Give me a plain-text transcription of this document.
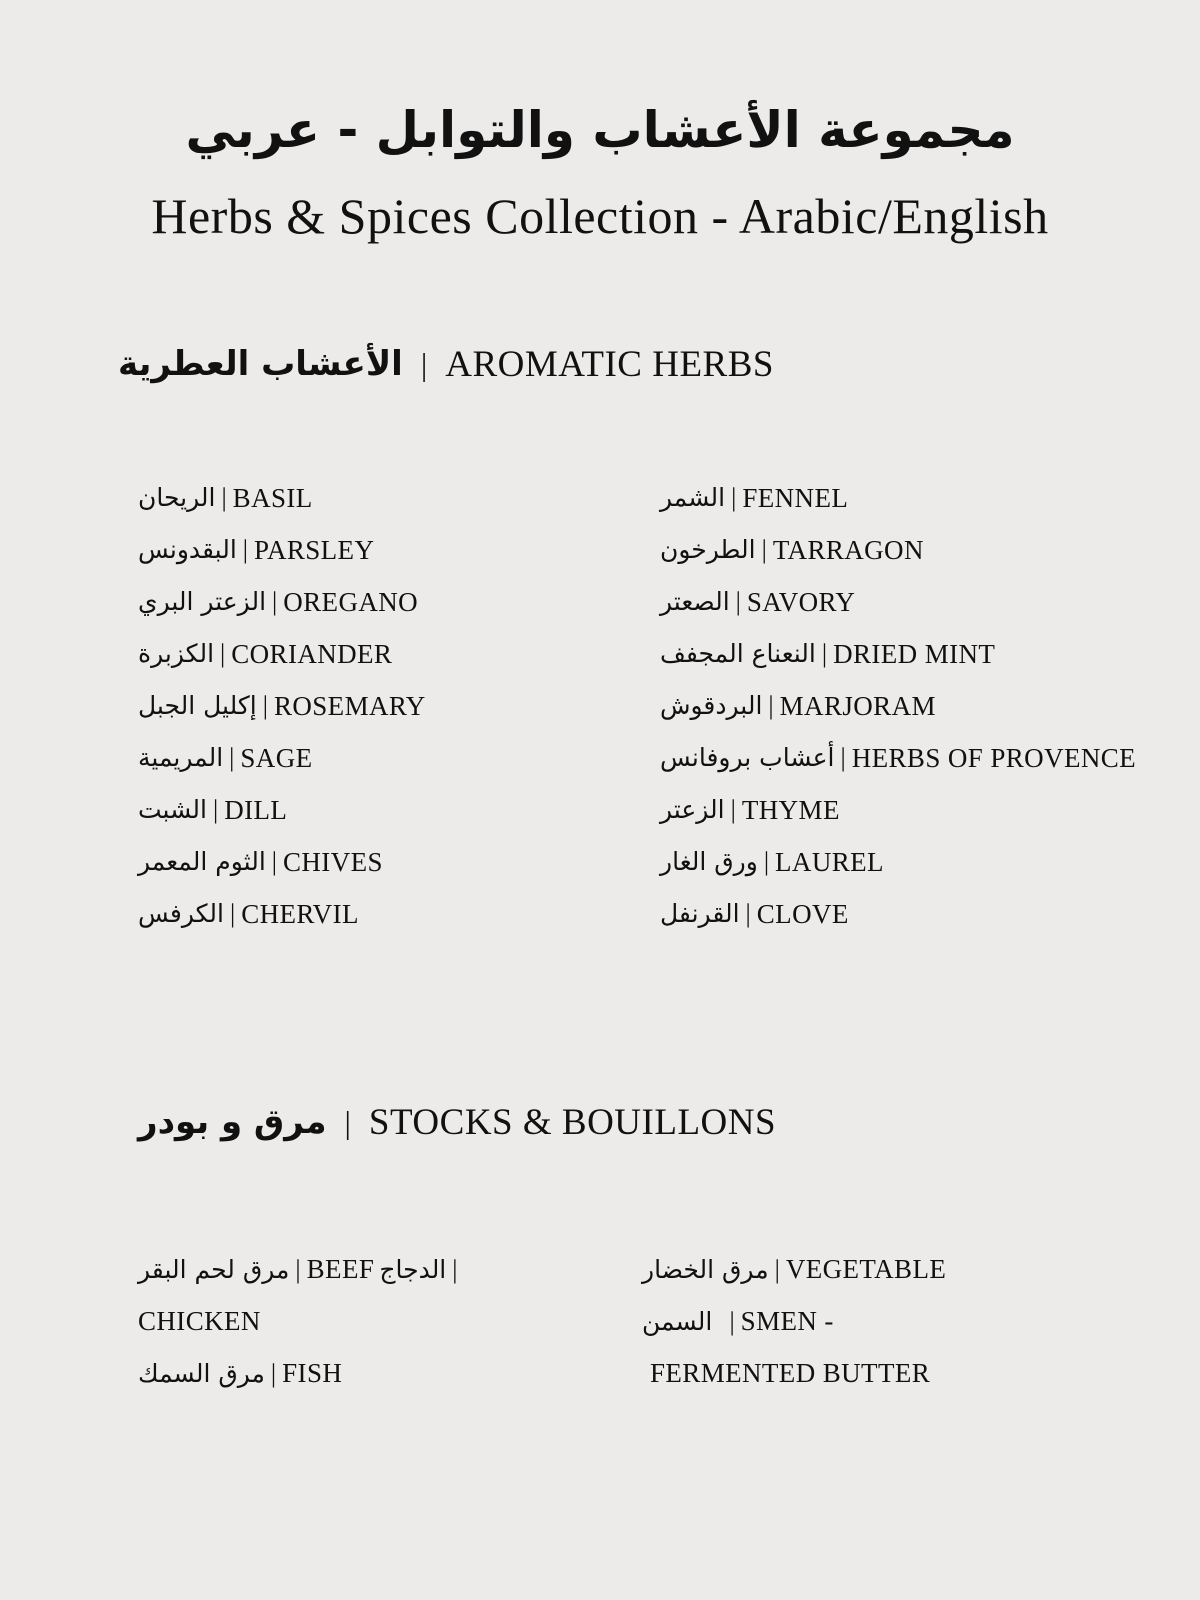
مجموعة الأعشاب والتوابل - عربي
Herbs & Spices Collection - Arabic/English
الأعشاب العطرية | AROMATIC HERBS
الريحان | BASIL
البقدونس | PARSLEY
الزعتر البري | OREGANO
الكزبرة | CORIANDER
إكليل الجبل | ROSEMARY
المريمية | SAGE
الشبت | DILL
الثوم المعمر | CHIVES
الكرفس | CHERVIL
الشمر | FENNEL
الطرخون | TARRAGON
الصعتر | SAVORY
النعناع المجفف | DRIED MINT
البردقوش | MARJORAM
أعشاب بروفانس | HERBS OF PROVENCE
الزعتر | THYME
ورق الغار | LAUREL
القرنفل | CLOVE
مرق و بودر | STOCKS & BOUILLONS
مرق لحم البقر | BEEF الدجاج |
CHICKEN
مرق السمك | FISH
مرق الخضار | VEGETABLE
السمن | SMEN -
FERMENTED BUTTER
